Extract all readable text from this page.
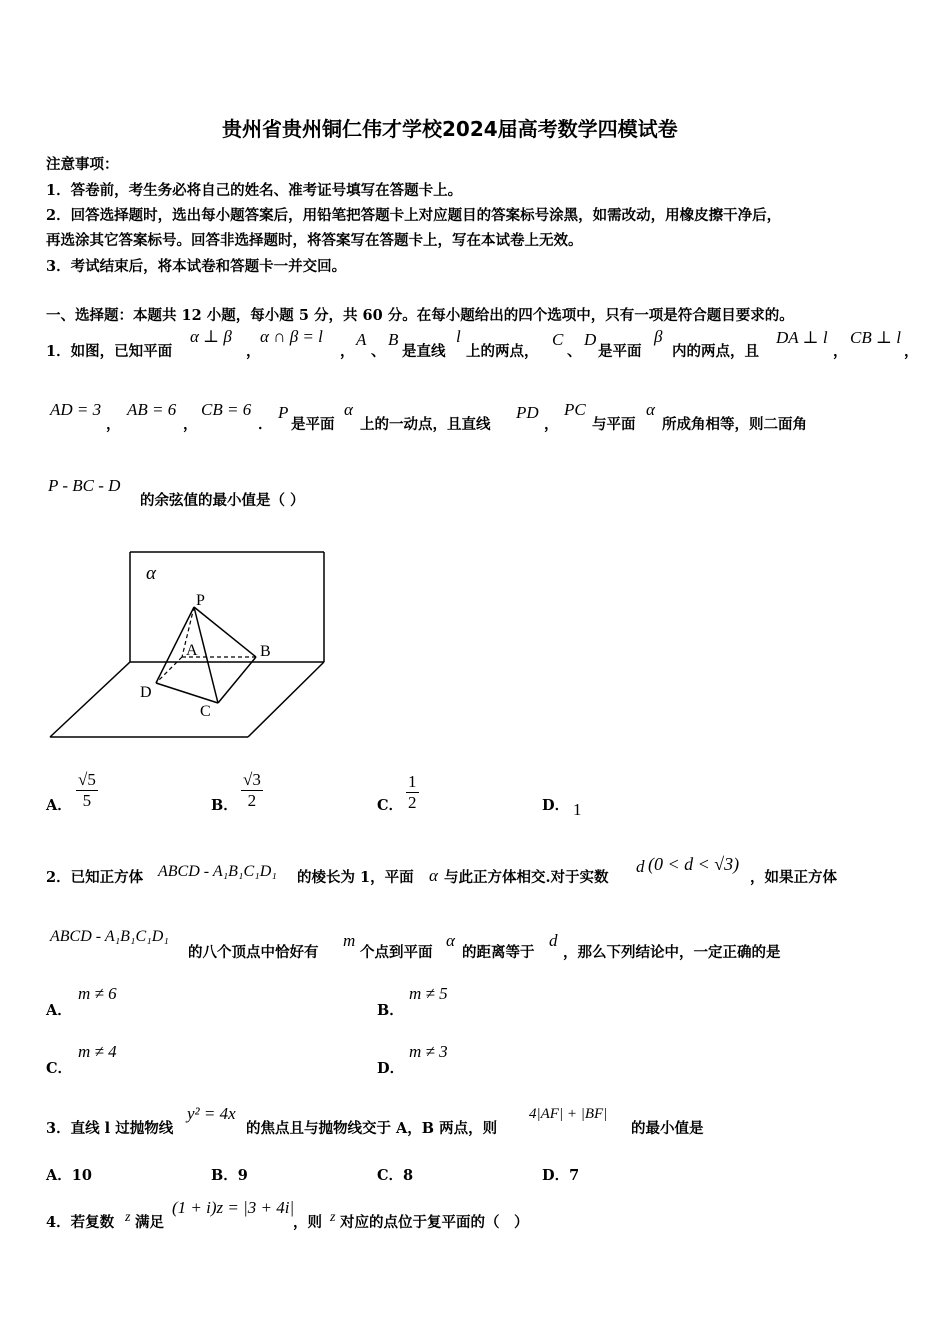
贵州省贵州铜仁伟才学校2024届高考数学四模试卷
注意事项：
1．答卷前，考生务必将自己的姓名、准考证号填写在答题卡上。
2．回答选择题时，选出每小题答案后，用铅笔把答题卡上对应题目的答案标号涂黑，如需改动，用橡皮擦干净后，
再选涂其它答案标号。回答非选择题时，将答案写在答题卡上，写在本试卷上无效。
3．考试结束后，将本试卷和答题卡一并交回。
一、选择题：本题共 12 小题，每小题 5 分，共 60 分。在每小题给出的四个选项中，只有一项是符合题目要求的。
1．如图，已知平面
α ⊥ β
，
α ∩ β = l
，
A
、
B
是直线
l
上的两点，
C
、
D
是平面
β
内的两点，且
DA ⊥ l
，
CB ⊥ l
，
AD = 3
，
AB = 6
，
CB = 6
．
P
是平面
α
上的一动点，且直线
PD
，
PC
与平面
α
所成角相等，则二面角
P - BC - D
的余弦值的最小值是（ ）
α
P
A	B
D
C
A． $\frac{√5}{5}$	B． $\frac{√3}{2}$	C． $\frac{1}{2}$	D． 1
2．已知正方体 ABCD - A₁B₁C₁D₁ 的棱长为 1，平面 α 与此正方体相交.对于实数
d (0 < d < √3)
，如果正方体
ABCD - A₁B₁C₁D₁
的八个顶点中恰好有
m
个点到平面
α
的距离等于
d
，那么下列结论中，一定正确的是
A．
m ≠ 6
B．
m ≠ 5
C．
m ≠ 4
D．
m ≠ 3
3．直线 l 过抛物线
y² = 4x
的焦点且与抛物线交于 A，B 两点，则
4|AF| + |BF|
的最小值是
A．10	B．9	C．8	D．7
4．若复数 z 满足
(1 + i)z = |3 + 4i|
，则 z 对应的点位于复平面的（　）
